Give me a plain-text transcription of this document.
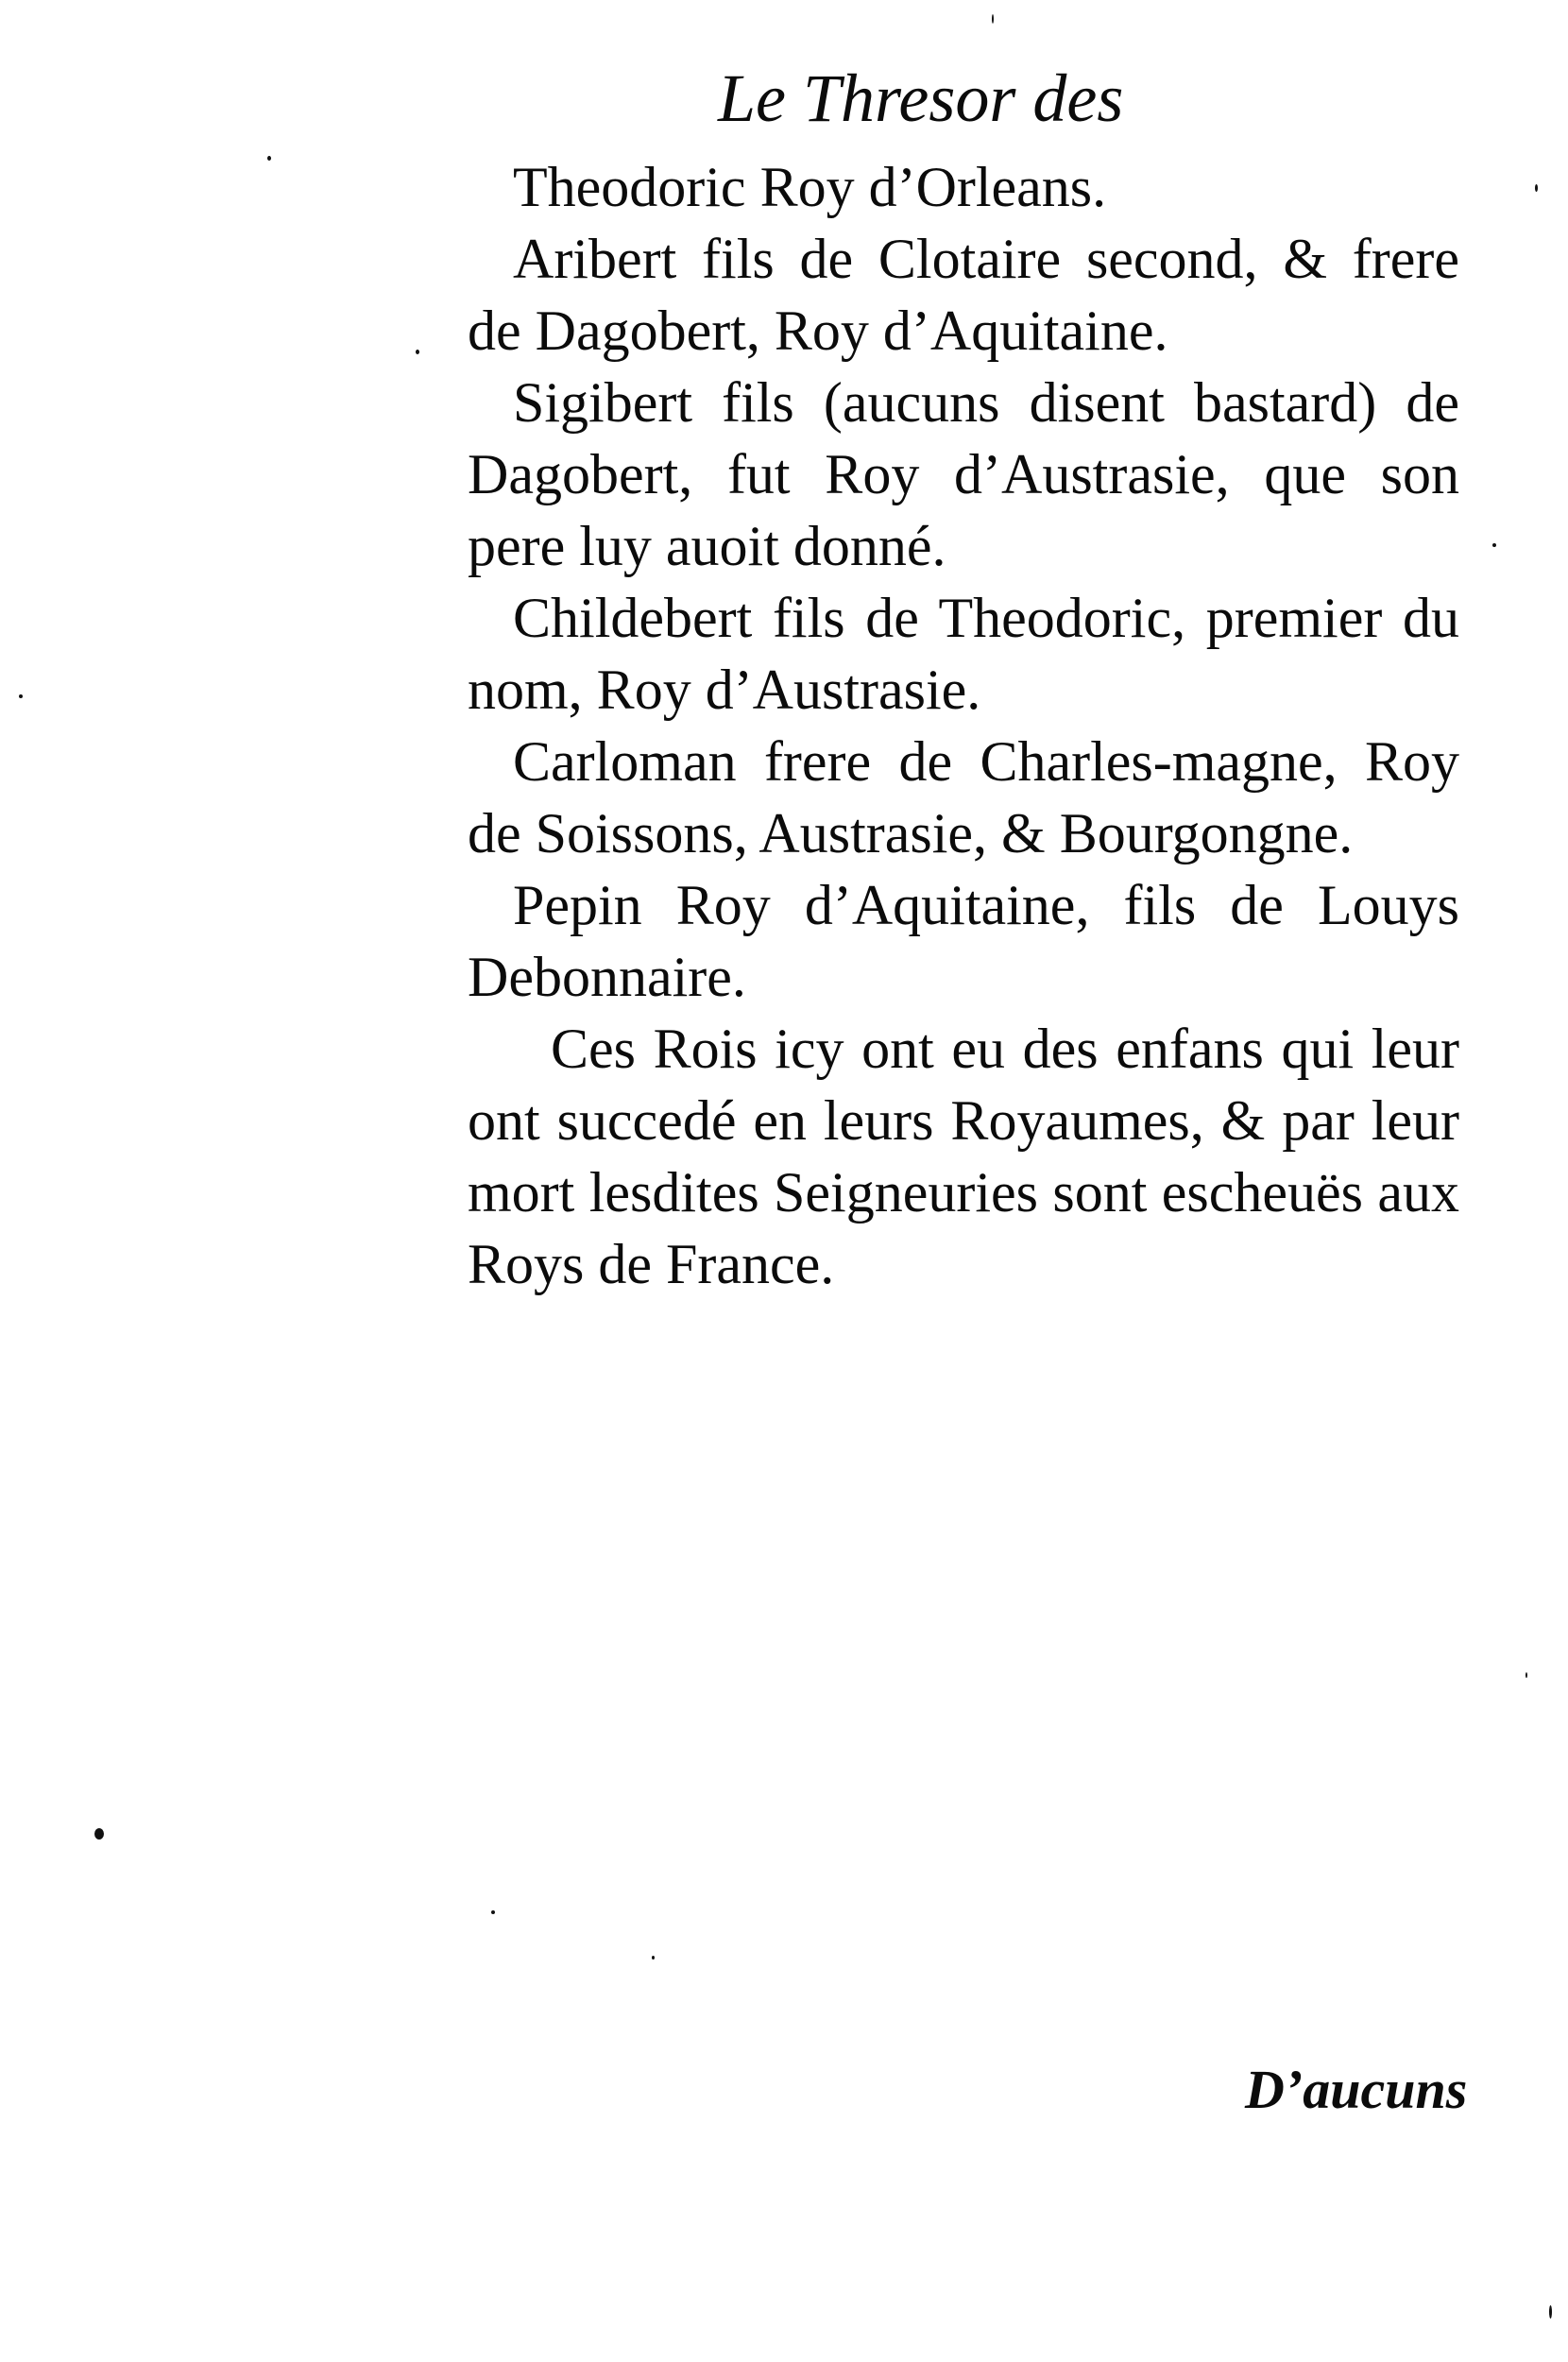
Le Thresor des

Theodoric Roy d’Orleans.

Aribert fils de Clotaire second, & frere de Dagobert, Roy d’Aquitaine.

Sigibert fils (aucuns disent bastard) de Dagobert, fut Roy d’Austrasie, que son pere luy auoit donné.

Childebert fils de Theodoric, premier du nom, Roy d’Austrasie.

Carloman frere de Charles-magne, Roy de Soissons, Austrasie, & Bourgongne.

Pepin Roy d’Aquitaine, fils de Louys Debonnaire.

Ces Rois icy ont eu des enfans qui leur ont succedé en leurs Royaumes, & par leur mort lesdites Seigneuries sont escheuës aux Roys de France.

D’aucuns
